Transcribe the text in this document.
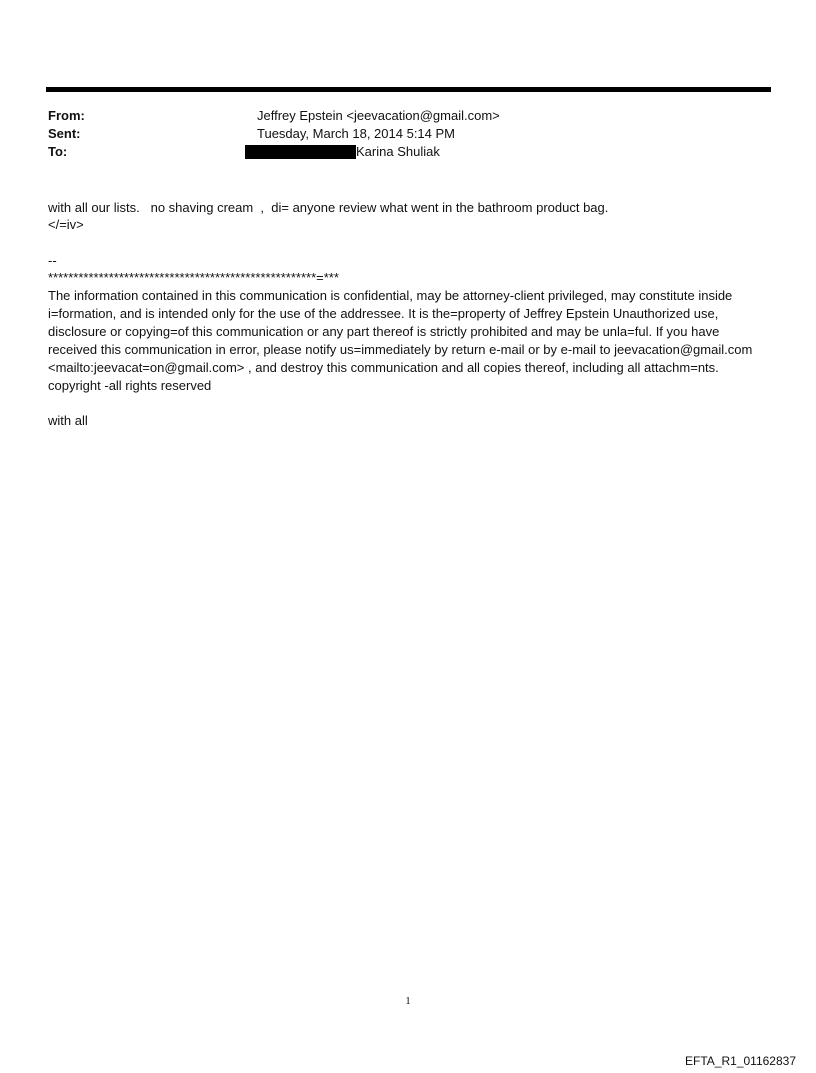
From:	Jeffrey Epstein <jeevacation@gmail.com>
Sent:	Tuesday, March 18, 2014 5:14 PM
To:	Karina Shuliak
with all our lists.   no shaving cream  ,  di= anyone review what went in the bathroom product bag.
</=iv>
--
*****************************************************=***
The information contained in this communication is confidential, may be attorney-client privileged, may constitute inside i=formation, and is intended only for the use of the addressee. It is the=property of Jeffrey Epstein Unauthorized use, disclosure or copying=of this communication or any part thereof is strictly prohibited and may be unla=ful. If you have received this communication in error, please notify us=immediately by return e-mail or by e-mail to jeevacation@gmail.com <mailto:jeevacat=on@gmail.com> , and destroy this communication and all copies thereof, including all attachm=nts. copyright -all rights reserved
with all
1
EFTA_R1_01162837
